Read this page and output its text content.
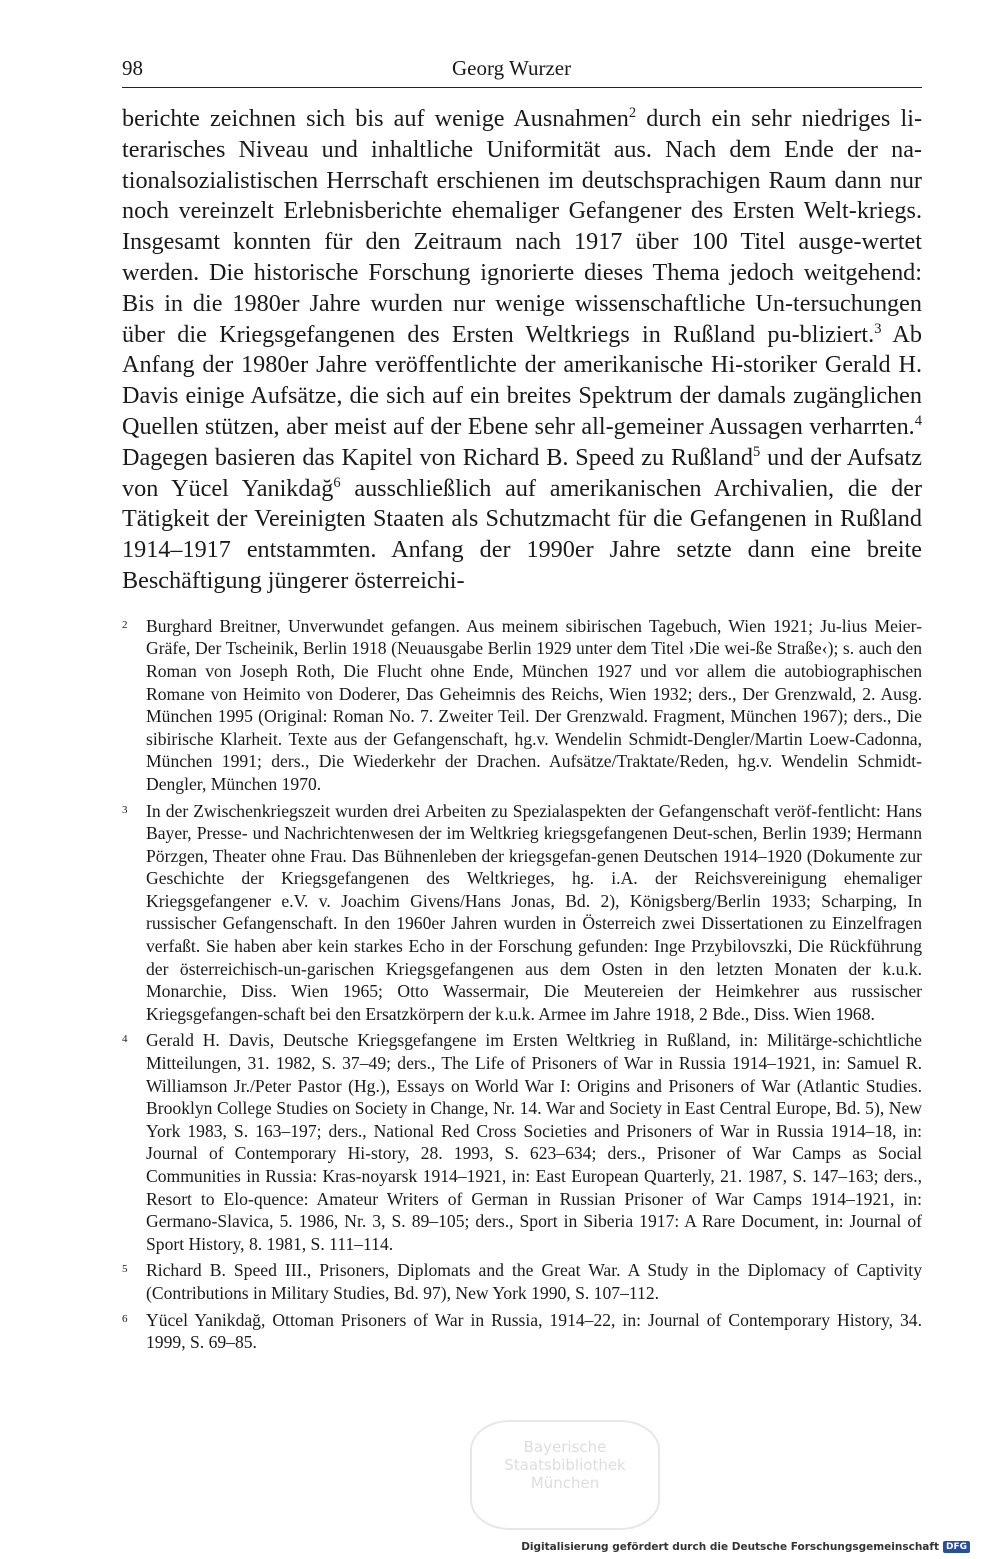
98	Georg Wurzer
berichte zeichnen sich bis auf wenige Ausnahmen$^2$ durch ein sehr niedriges li-terarisches Niveau und inhaltliche Uniformität aus. Nach dem Ende der na-tionalsozialistischen Herrschaft erschienen im deutschsprachigen Raum dann nur noch vereinzelt Erlebnisberichte ehemaliger Gefangener des Ersten Welt-kriegs. Insgesamt konnten für den Zeitraum nach 1917 über 100 Titel ausge-wertet werden. Die historische Forschung ignorierte dieses Thema jedoch weitgehend: Bis in die 1980er Jahre wurden nur wenige wissenschaftliche Un-tersuchungen über die Kriegsgefangenen des Ersten Weltkriegs in Rußland pu-bliziert.$^3$ Ab Anfang der 1980er Jahre veröffentlichte der amerikanische Hi-storiker Gerald H. Davis einige Aufsätze, die sich auf ein breites Spektrum der damals zugänglichen Quellen stützen, aber meist auf der Ebene sehr all-gemeiner Aussagen verharrten.$^4$ Dagegen basieren das Kapitel von Richard B. Speed zu Rußland$^5$ und der Aufsatz von Yücel Yanikdağ$^6$ ausschließlich auf amerikanischen Archivalien, die der Tätigkeit der Vereinigten Staaten als Schutzmacht für die Gefangenen in Rußland 1914–1917 entstammten. Anfang der 1990er Jahre setzte dann eine breite Beschäftigung jüngerer österreichi-
2	Burghard Breitner, Unverwundet gefangen. Aus meinem sibirischen Tagebuch, Wien 1921; Ju-lius Meier-Gräfe, Der Tscheinik, Berlin 1918 (Neuausgabe Berlin 1929 unter dem Titel ›Die wei-ße Straße‹); s. auch den Roman von Joseph Roth, Die Flucht ohne Ende, München 1927 und vor allem die autobiographischen Romane von Heimito von Doderer, Das Geheimnis des Reichs, Wien 1932; ders., Der Grenzwald, 2. Ausg. München 1995 (Original: Roman No. 7. Zweiter Teil. Der Grenzwald. Fragment, München 1967); ders., Die sibirische Klarheit. Texte aus der Gefangenschaft, hg.v. Wendelin Schmidt-Dengler/Martin Loew-Cadonna, München 1991; ders., Die Wiederkehr der Drachen. Aufsätze/Traktate/Reden, hg.v. Wendelin Schmidt-Dengler, München 1970.
3	In der Zwischenkriegszeit wurden drei Arbeiten zu Spezialaspekten der Gefangenschaft veröf-fentlicht: Hans Bayer, Presse- und Nachrichtenwesen der im Weltkrieg kriegsgefangenen Deut-schen, Berlin 1939; Hermann Pörzgen, Theater ohne Frau. Das Bühnenleben der kriegsgefan-genen Deutschen 1914–1920 (Dokumente zur Geschichte der Kriegsgefangenen des Weltkrieges, hg. i.A. der Reichsvereinigung ehemaliger Kriegsgefangener e.V. v. Joachim Givens/Hans Jonas, Bd. 2), Königsberg/Berlin 1933; Scharping, In russischer Gefangenschaft. In den 1960er Jahren wurden in Österreich zwei Dissertationen zu Einzelfragen verfaßt. Sie haben aber kein starkes Echo in der Forschung gefunden: Inge Przybilovszki, Die Rückführung der österreichisch-un-garischen Kriegsgefangenen aus dem Osten in den letzten Monaten der k.u.k. Monarchie, Diss. Wien 1965; Otto Wassermair, Die Meutereien der Heimkehrer aus russischer Kriegsgefangen-schaft bei den Ersatzkörpern der k.u.k. Armee im Jahre 1918, 2 Bde., Diss. Wien 1968.
4	Gerald H. Davis, Deutsche Kriegsgefangene im Ersten Weltkrieg in Rußland, in: Militärge-schichtliche Mitteilungen, 31. 1982, S. 37–49; ders., The Life of Prisoners of War in Russia 1914–1921, in: Samuel R. Williamson Jr./Peter Pastor (Hg.), Essays on World War I: Origins and Prisoners of War (Atlantic Studies. Brooklyn College Studies on Society in Change, Nr. 14. War and Society in East Central Europe, Bd. 5), New York 1983, S. 163–197; ders., National Red Cross Societies and Prisoners of War in Russia 1914–18, in: Journal of Contemporary Hi-story, 28. 1993, S. 623–634; ders., Prisoner of War Camps as Social Communities in Russia: Kras-noyarsk 1914–1921, in: East European Quarterly, 21. 1987, S. 147–163; ders., Resort to Elo-quence: Amateur Writers of German in Russian Prisoner of War Camps 1914–1921, in: Germano-Slavica, 5. 1986, Nr. 3, S. 89–105; ders., Sport in Siberia 1917: A Rare Document, in: Journal of Sport History, 8. 1981, S. 111–114.
5	Richard B. Speed III., Prisoners, Diplomats and the Great War. A Study in the Diplomacy of Captivity (Contributions in Military Studies, Bd. 97), New York 1990, S. 107–112.
6	Yücel Yanikdağ, Ottoman Prisoners of War in Russia, 1914–22, in: Journal of Contemporary History, 34. 1999, S. 69–85.
Bayerische
Staatsbibliothek
München
Digitalisierung gefördert durch die Deutsche Forschungsgemeinschaft DFG
